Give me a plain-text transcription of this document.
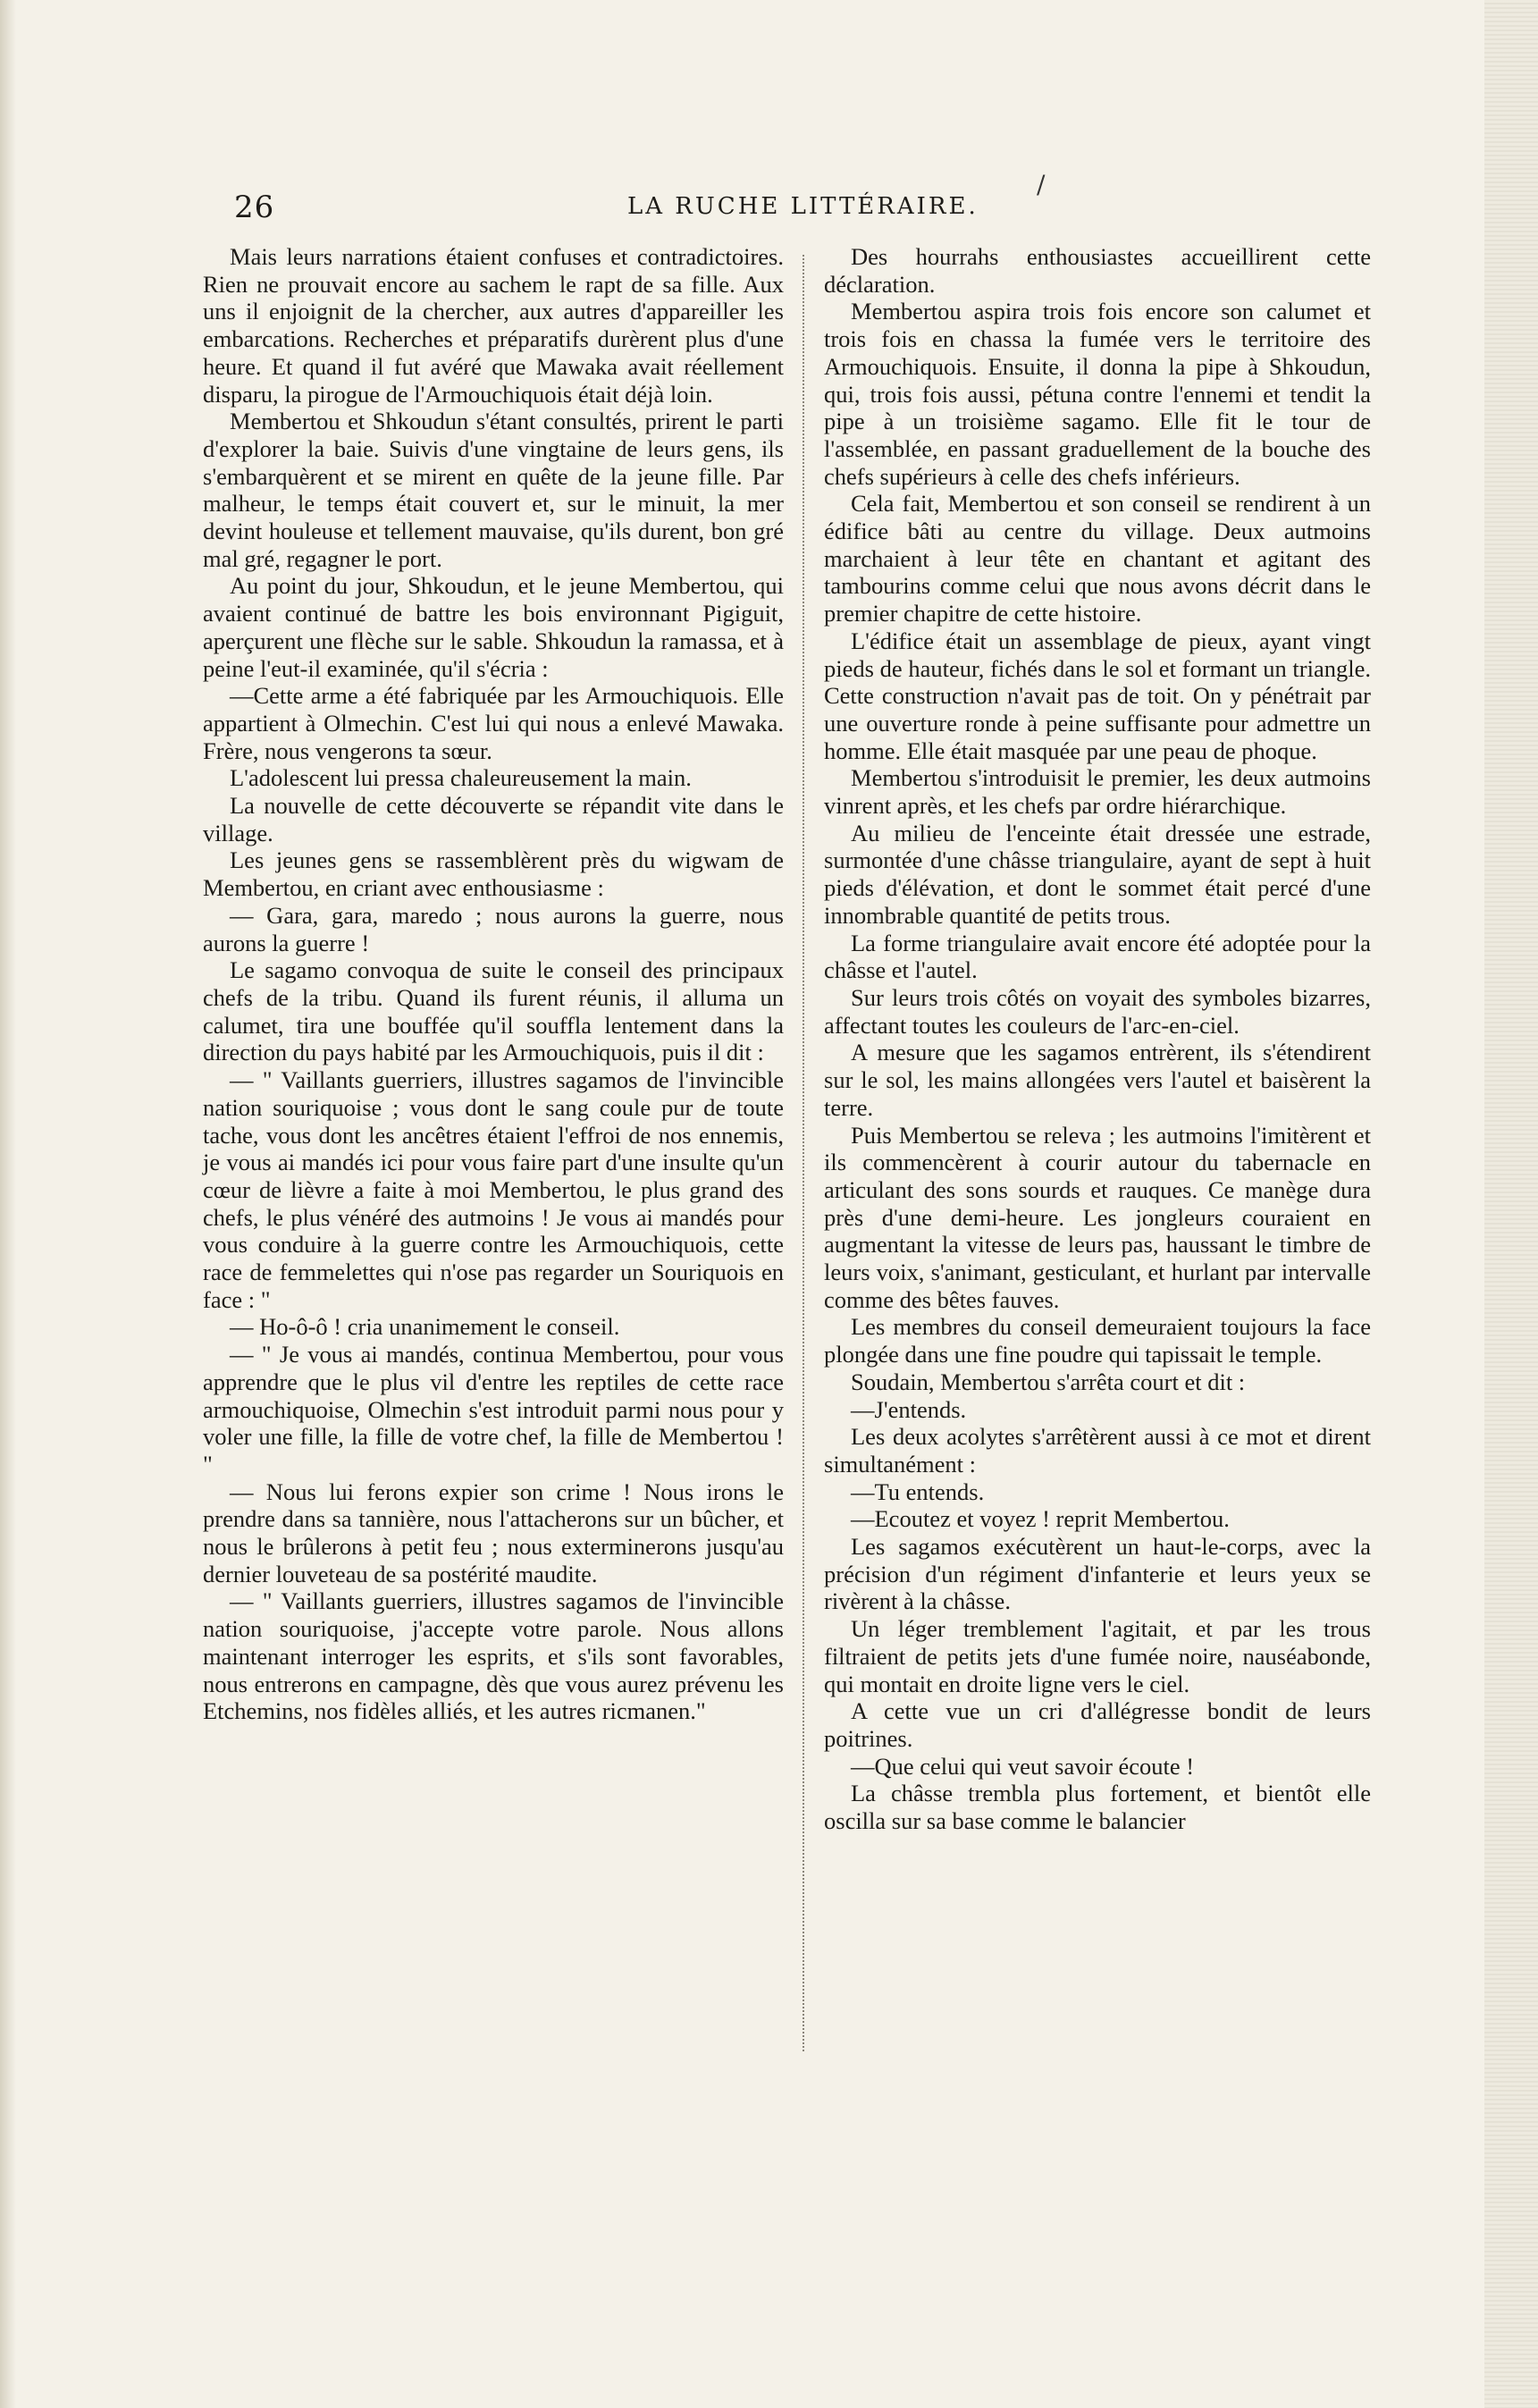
26	LA RUCHE LITTÉRAIRE.
/

Mais leurs narrations étaient confuses et contradictoires. Rien ne prouvait encore au sachem le rapt de sa fille. Aux uns il enjoignit de la chercher, aux autres d'appareiller les embarcations. Recherches et préparatifs durèrent plus d'une heure. Et quand il fut avéré que Mawaka avait réellement disparu, la pirogue de l'Armouchiquois était déjà loin.

Membertou et Shkoudun s'étant consultés, prirent le parti d'explorer la baie. Suivis d'une vingtaine de leurs gens, ils s'embarquèrent et se mirent en quête de la jeune fille. Par malheur, le temps était couvert et, sur le minuit, la mer devint houleuse et tellement mauvaise, qu'ils durent, bon gré mal gré, regagner le port.

Au point du jour, Shkoudun, et le jeune Membertou, qui avaient continué de battre les bois environnant Pigiguit, aperçurent une flèche sur le sable. Shkoudun la ramassa, et à peine l'eut-il examinée, qu'il s'écria :

—Cette arme a été fabriquée par les Armouchiquois. Elle appartient à Olmechin. C'est lui qui nous a enlevé Mawaka. Frère, nous vengerons ta sœur.

L'adolescent lui pressa chaleureusement la main.

La nouvelle de cette découverte se répandit vite dans le village.

Les jeunes gens se rassemblèrent près du wigwam de Membertou, en criant avec enthousiasme :

— Gara, gara, maredo ; nous aurons la guerre, nous aurons la guerre !

Le sagamo convoqua de suite le conseil des principaux chefs de la tribu. Quand ils furent réunis, il alluma un calumet, tira une bouffée qu'il souffla lentement dans la direction du pays habité par les Armouchiquois, puis il dit :

— " Vaillants guerriers, illustres sagamos de l'invincible nation souriquoise ; vous dont le sang coule pur de toute tache, vous dont les ancêtres étaient l'effroi de nos ennemis, je vous ai mandés ici pour vous faire part d'une insulte qu'un cœur de lièvre a faite à moi Membertou, le plus grand des chefs, le plus vénéré des autmoins ! Je vous ai mandés pour vous conduire à la guerre contre les Armouchiquois, cette race de femmelettes qui n'ose pas regarder un Souriquois en face : "

— Ho-ô-ô ! cria unanimement le conseil.

— " Je vous ai mandés, continua Membertou, pour vous apprendre que le plus vil d'entre les reptiles de cette race armouchiquoise, Olmechin s'est introduit parmi nous pour y voler une fille, la fille de votre chef, la fille de Membertou ! "

— Nous lui ferons expier son crime ! Nous irons le prendre dans sa tannière, nous l'attacherons sur un bûcher, et nous le brûlerons à petit feu ; nous exterminerons jusqu'au dernier louveteau de sa postérité maudite.

— " Vaillants guerriers, illustres sagamos de l'invincible nation souriquoise, j'accepte votre parole. Nous allons maintenant interroger les esprits, et s'ils sont favorables, nous entrerons en campagne, dès que vous aurez prévenu les Etchemins, nos fidèles alliés, et les autres ricmanen."

Des hourrahs enthousiastes accueillirent cette déclaration.

Membertou aspira trois fois encore son calumet et trois fois en chassa la fumée vers le territoire des Armouchiquois. Ensuite, il donna la pipe à Shkoudun, qui, trois fois aussi, pétuna contre l'ennemi et tendit la pipe à un troisième sagamo. Elle fit le tour de l'assemblée, en passant graduellement de la bouche des chefs supérieurs à celle des chefs inférieurs.

Cela fait, Membertou et son conseil se rendirent à un édifice bâti au centre du village. Deux autmoins marchaient à leur tête en chantant et agitant des tambourins comme celui que nous avons décrit dans le premier chapitre de cette histoire.

L'édifice était un assemblage de pieux, ayant vingt pieds de hauteur, fichés dans le sol et formant un triangle. Cette construction n'avait pas de toit. On y pénétrait par une ouverture ronde à peine suffisante pour admettre un homme. Elle était masquée par une peau de phoque.

Membertou s'introduisit le premier, les deux autmoins vinrent après, et les chefs par ordre hiérarchique.

Au milieu de l'enceinte était dressée une estrade, surmontée d'une châsse triangulaire, ayant de sept à huit pieds d'élévation, et dont le sommet était percé d'une innombrable quantité de petits trous.

La forme triangulaire avait encore été adoptée pour la châsse et l'autel.

Sur leurs trois côtés on voyait des symboles bizarres, affectant toutes les couleurs de l'arc-en-ciel.

A mesure que les sagamos entrèrent, ils s'étendirent sur le sol, les mains allongées vers l'autel et baisèrent la terre.

Puis Membertou se releva ; les autmoins l'imitèrent et ils commencèrent à courir autour du tabernacle en articulant des sons sourds et rauques. Ce manège dura près d'une demi-heure. Les jongleurs couraient en augmentant la vitesse de leurs pas, haussant le timbre de leurs voix, s'animant, gesticulant, et hurlant par intervalle comme des bêtes fauves.

Les membres du conseil demeuraient toujours la face plongée dans une fine poudre qui tapissait le temple.

Soudain, Membertou s'arrêta court et dit :

—J'entends.

Les deux acolytes s'arrêtèrent aussi à ce mot et dirent simultanément :

—Tu entends.

—Ecoutez et voyez ! reprit Membertou.

Les sagamos exécutèrent un haut-le-corps, avec la précision d'un régiment d'infanterie et leurs yeux se rivèrent à la châsse.

Un léger tremblement l'agitait, et par les trous filtraient de petits jets d'une fumée noire, nauséabonde, qui montait en droite ligne vers le ciel.

A cette vue un cri d'allégresse bondit de leurs poitrines.

—Que celui qui veut savoir écoute !

La châsse trembla plus fortement, et bientôt elle oscilla sur sa base comme le balancier
